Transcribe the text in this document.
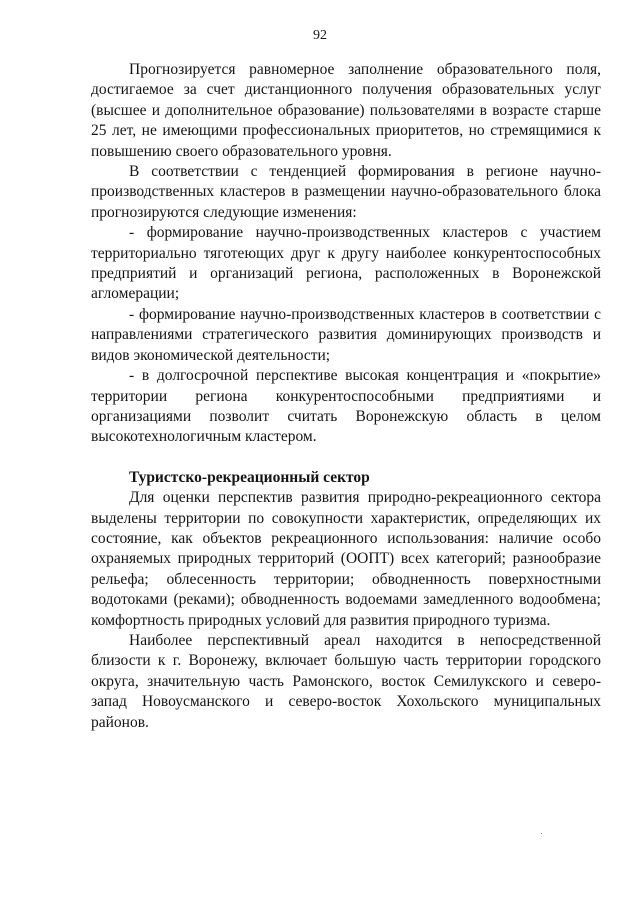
92

Прогнозируется равномерное заполнение образовательного поля, достигаемое за счет дистанционного получения образовательных услуг (высшее и дополнительное образование) пользователями в возрасте старше 25 лет, не имеющими профессиональных приоритетов, но стремящимися к повышению своего образовательного уровня.

В соответствии с тенденцией формирования в регионе научно-производственных кластеров в размещении научно-образовательного блока прогнозируются следующие изменения:

- формирование научно-производственных кластеров с участием территориально тяготеющих друг к другу наиболее конкурентоспособных предприятий и организаций региона, расположенных в Воронежской агломерации;

- формирование научно-производственных кластеров в соответствии с направлениями стратегического развития доминирующих производств и видов экономической деятельности;

- в долгосрочной перспективе высокая концентрация и «покрытие» территории региона конкурентоспособными предприятиями и организациями позволит считать Воронежскую область в целом высокотехнологичным кластером.

Туристско-рекреационный сектор

Для оценки перспектив развития природно-рекреационного сектора выделены территории по совокупности характеристик, определяющих их состояние, как объектов рекреационного использования: наличие особо охраняемых природных территорий (ООПТ) всех категорий; разнообразие рельефа; облесенность территории; обводненность поверхностными водотоками (реками); обводненность водоемами замедленного водообмена; комфортность природных условий для развития природного туризма.

Наиболее перспективный ареал находится в непосредственной близости к г. Воронежу, включает большую часть территории городского округа, значительную часть Рамонского, восток Семилукского и северо-запад Новоусманского и северо-восток Хохольского муниципальных районов.
